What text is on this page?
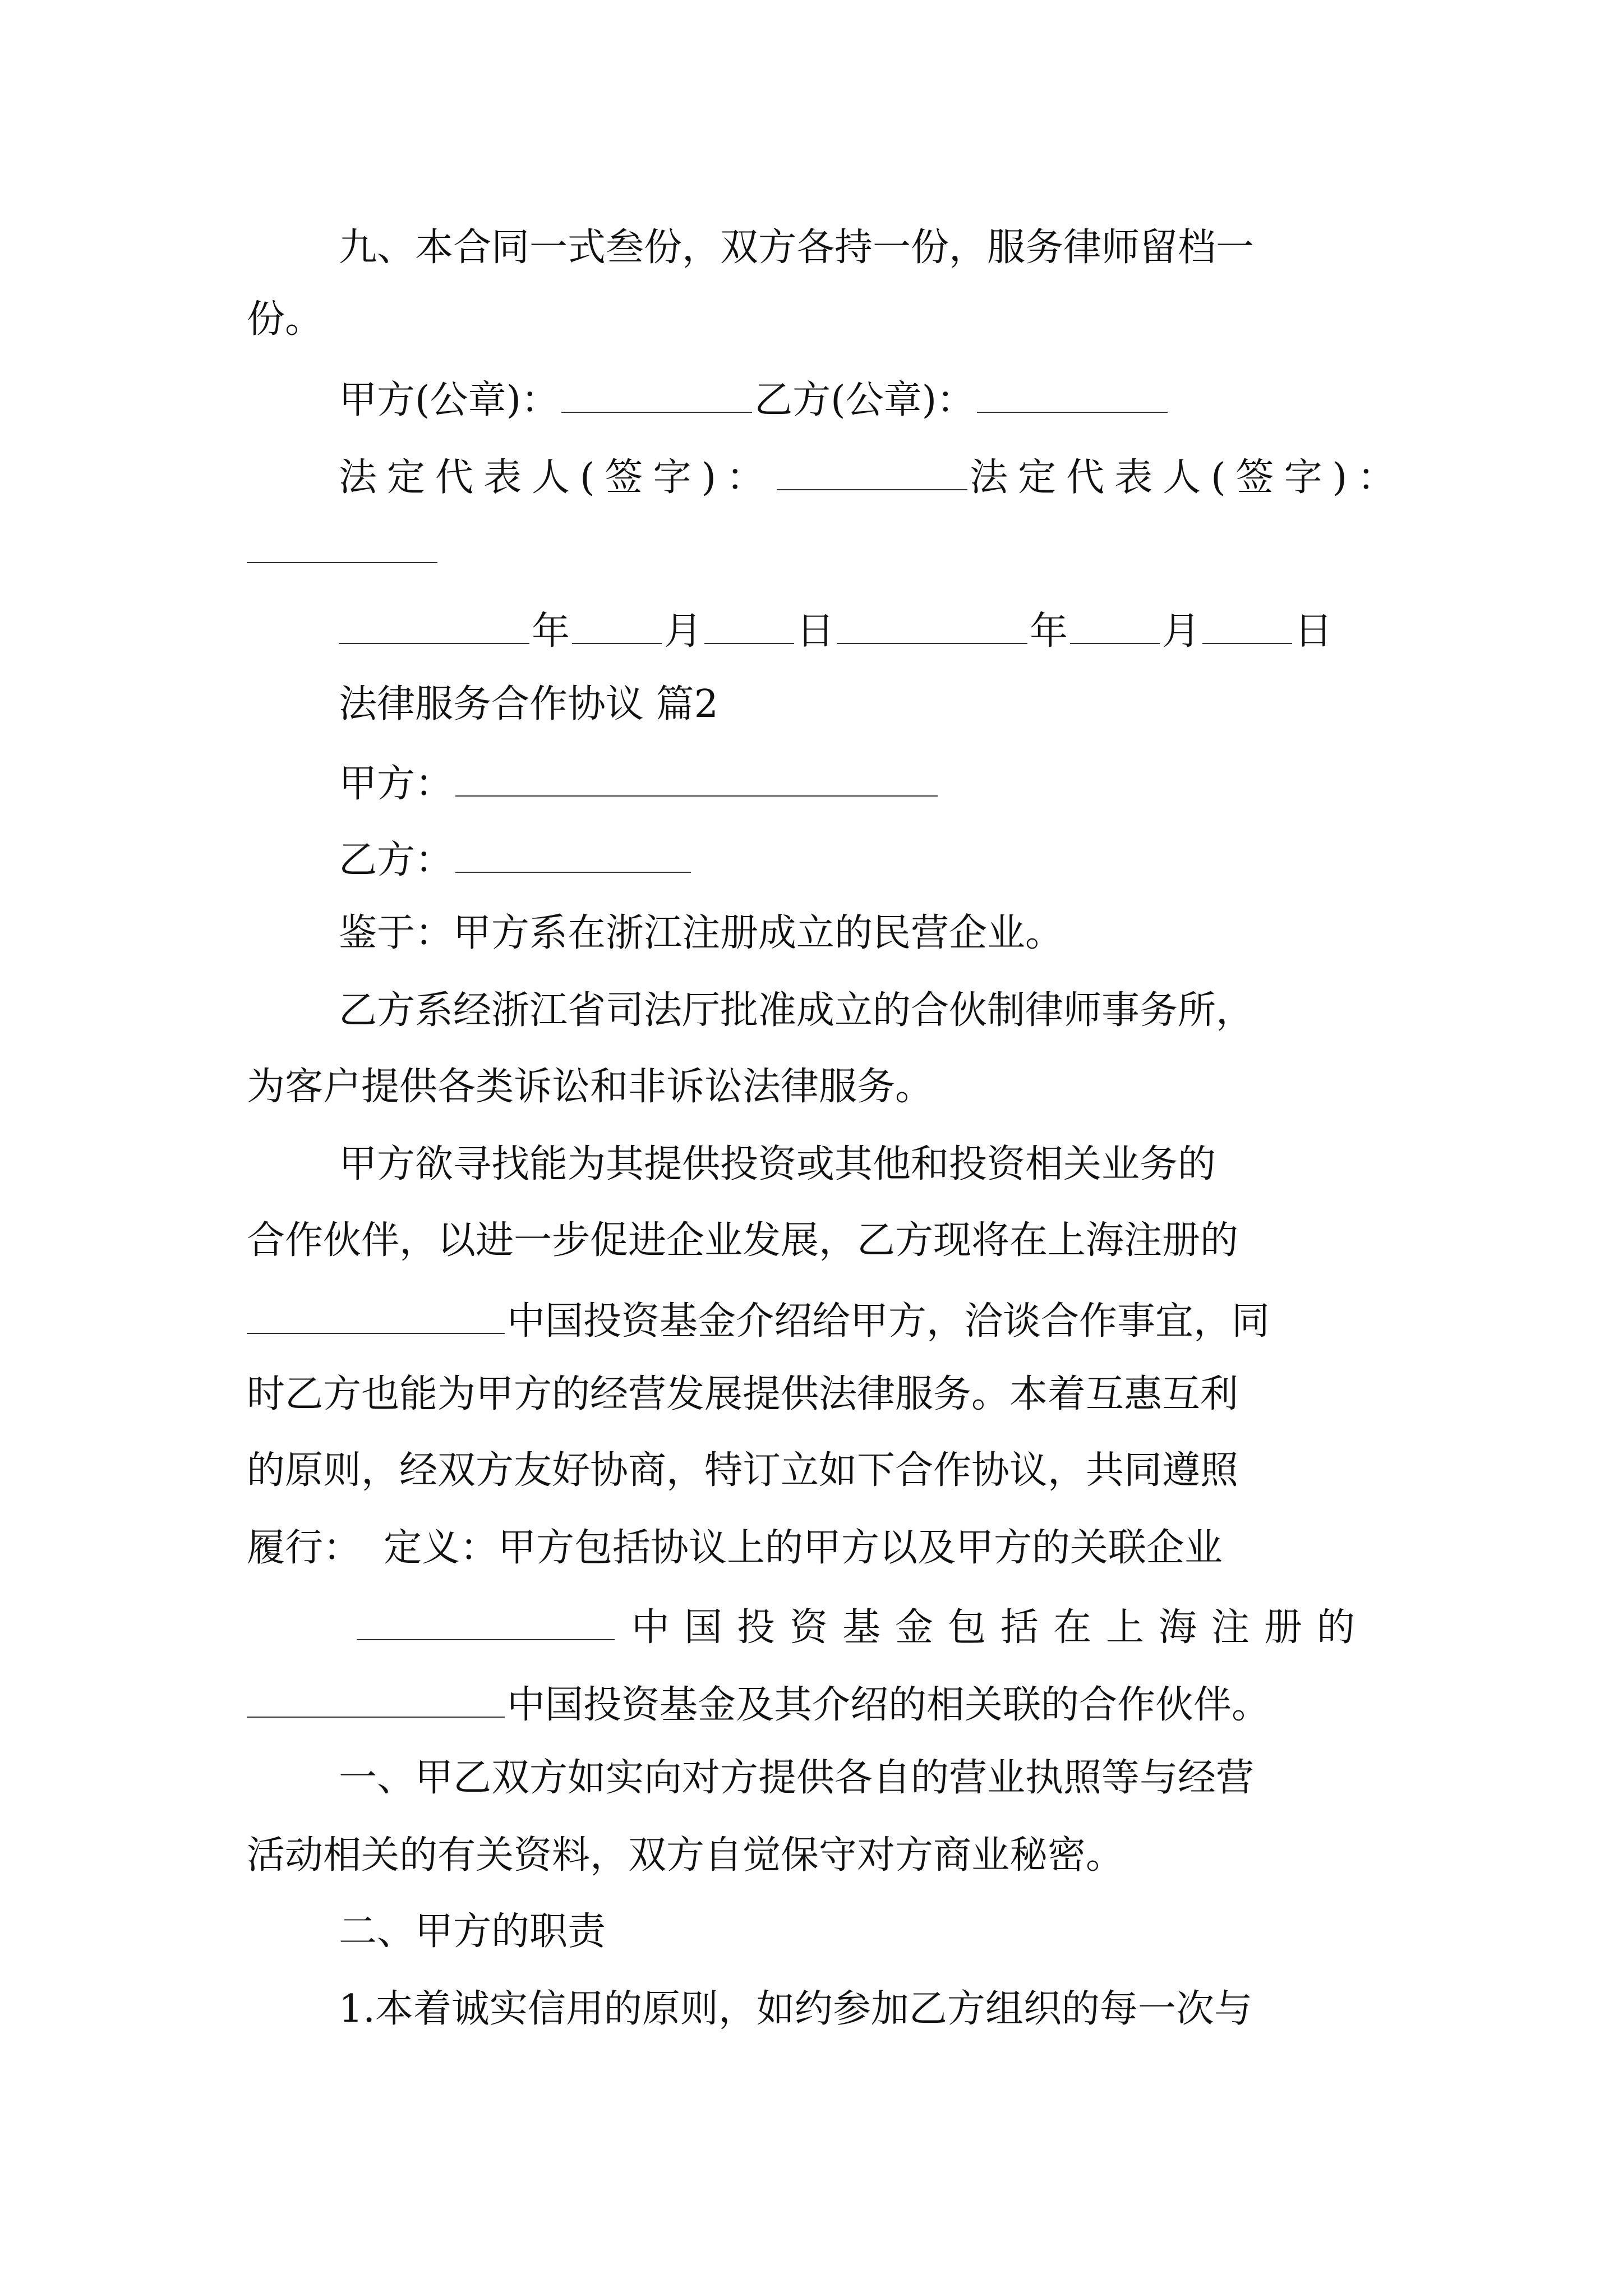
九、本合同一式叁份，双方各持一份，服务律师留档一
份。
甲方(公章)：	乙方(公章)：
法定代表人(签字)：	法定代表人(签字)：
年 月 日	年 月 日
法律服务合作协议 篇2
甲方：
乙方：
鉴于：甲方系在浙江注册成立的民营企业。
乙方系经浙江省司法厅批准成立的合伙制律师事务所，
为客户提供各类诉讼和非诉讼法律服务。
甲方欲寻找能为其提供投资或其他和投资相关业务的
合作伙伴，以进一步促进企业发展，乙方现将在上海注册的
中国投资基金介绍给甲方，洽谈合作事宜，同
时乙方也能为甲方的经营发展提供法律服务。本着互惠互利
的原则，经双方友好协商，特订立如下合作协议，共同遵照
履行： 定义：甲方包括协议上的甲方以及甲方的关联企业
中国投资基金包括在上海注册的
中国投资基金及其介绍的相关联的合作伙伴。
一、甲乙双方如实向对方提供各自的营业执照等与经营
活动相关的有关资料，双方自觉保守对方商业秘密。
二、甲方的职责
1.本着诚实信用的原则，如约参加乙方组织的每一次与
